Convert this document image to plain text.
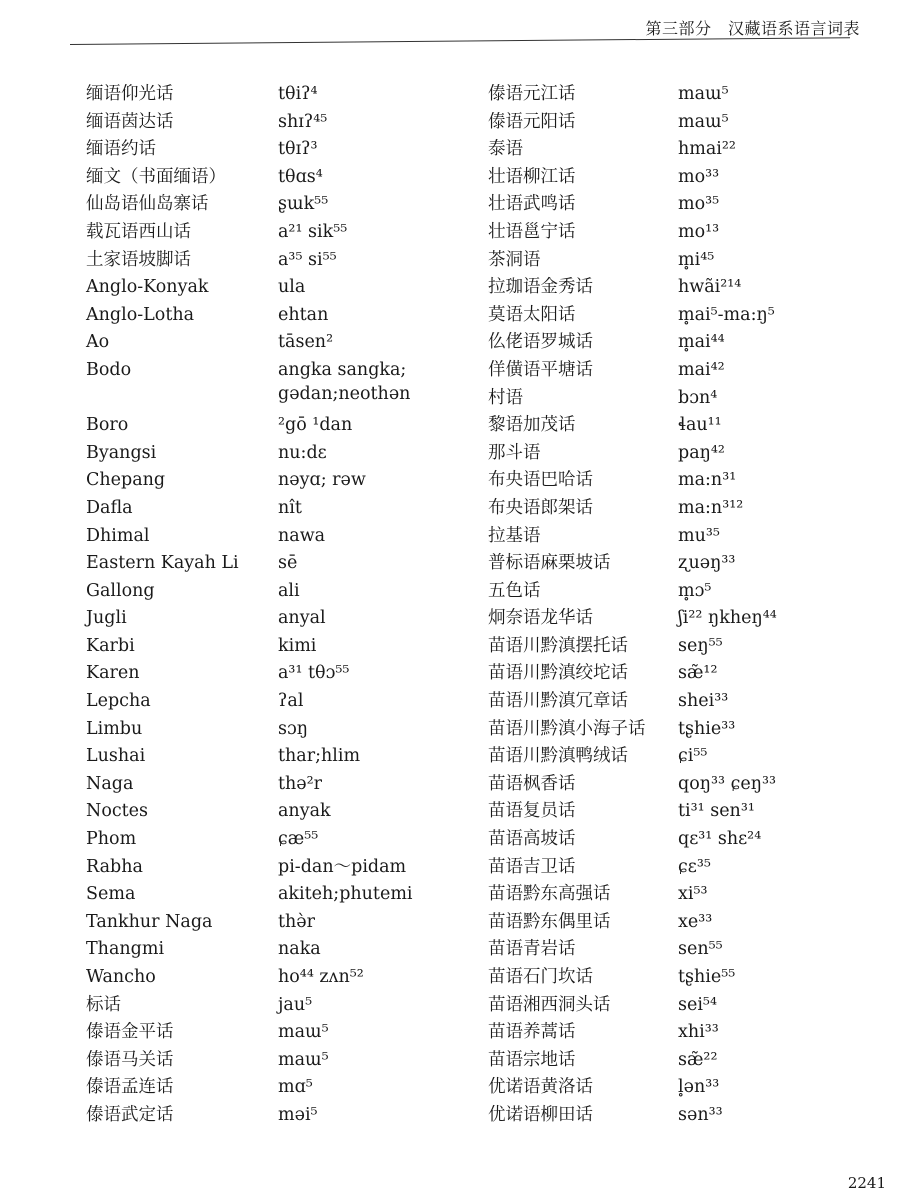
第三部分　汉藏语系语言词表
缅语仰光话	tθiʔ⁴
缅语茵达话	shɪʔ⁴⁵
缅语约话	tθɪʔ³
缅文（书面缅语）	tθɑs⁴
仙岛语仙岛寨话	ʂɯk⁵⁵
载瓦语西山话	a²¹ sik⁵⁵
土家语坡脚话	a³⁵ si⁵⁵
Anglo-Konyak	ula
Anglo-Lotha	ehtan
Ao	tāsen²
Bodo	angka sangka; gədan;neothən
Boro	²gō ¹dan
Byangsi	nu:dɛ
Chepang	nəyɑ; rəw
Dafla	nît
Dhimal	nawa
Eastern Kayah Li	sē
Gallong	ali
Jugli	anyal
Karbi	kimi
Karen	a³¹ tθɔ⁵⁵
Lepcha	ʔal
Limbu	sɔŋ
Lushai	thar;hlim
Naga	thə²r
Noctes	anyak
Phom	ɕæ⁵⁵
Rabha	pi-dan～pidam
Sema	akiteh;phutemi
Tankhur Naga	thə̀r
Thangmi	naka
Wancho	ho⁴⁴ zʌn⁵²
标话	jau⁵
傣语金平话	maɯ⁵
傣语马关话	maɯ⁵
傣语孟连话	mɑ⁵
傣语武定话	məi⁵
傣语元江话	maɯ⁵
傣语元阳话	maɯ⁵
泰语	hmai²²
壮语柳江话	mo³³
壮语武鸣话	mo³⁵
壮语邕宁话	mo¹³
茶洞语	m̥i⁴⁵
拉珈语金秀话	hwãi²¹⁴
莫语太阳话	m̥ai⁵-ma:ŋ⁵
仫佬语罗城话	m̥ai⁴⁴
佯僙语平塘话	mai⁴²
村语	bɔn⁴
黎语加茂话	ɬau¹¹
那斗语	paŋ⁴²
布央语巴哈话	ma:n³¹
布央语郎架话	ma:n³¹²
拉基语	mu³⁵
普标语麻栗坡话	ʐuəŋ³³
五色话	m̥ɔ⁵
炯奈语龙华话	ʃi²² ŋkheŋ⁴⁴
苗语川黔滇摆托话	seŋ⁵⁵
苗语川黔滇绞坨话	sæ̃¹²
苗语川黔滇冗章话	shei³³
苗语川黔滇小海子话	tʂhie³³
苗语川黔滇鸭绒话	ɕi⁵⁵
苗语枫香话	qoŋ³³ ɕeŋ³³
苗语复员话	ti³¹ sen³¹
苗语高坡话	qɛ³¹ shɛ²⁴
苗语吉卫话	ɕɛ³⁵
苗语黔东高强话	xi⁵³
苗语黔东偶里话	xe³³
苗语青岩话	sen⁵⁵
苗语石门坎话	tʂhie⁵⁵
苗语湘西洞头话	sei⁵⁴
苗语养蒿话	xhi³³
苗语宗地话	sæ̃²²
优诺语黄洛话	l̥ən³³
优诺语柳田话	sən³³
2241
